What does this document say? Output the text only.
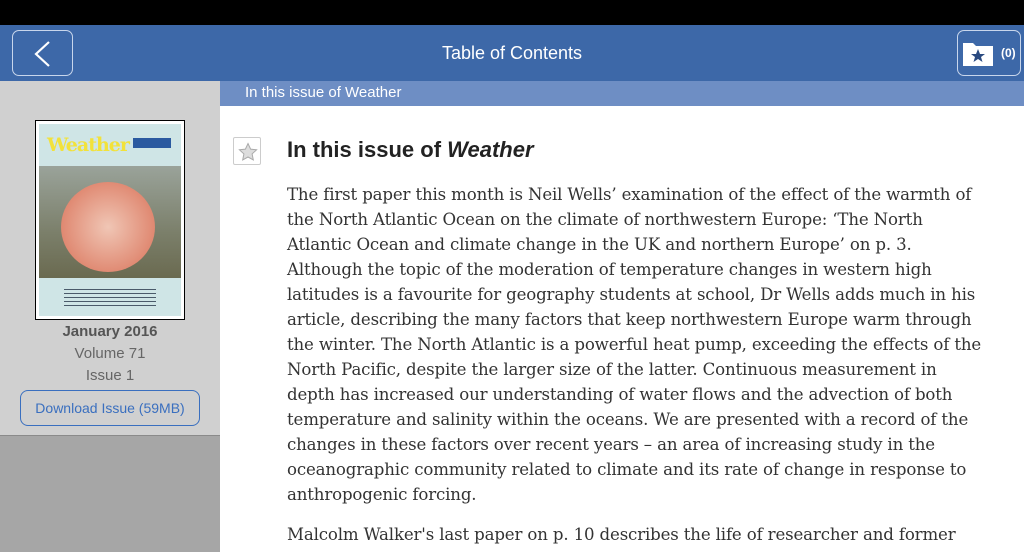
Table of Contents	(0)
Weather
January 2016
Volume 71
Issue 1
Download Issue (59MB)
In this issue of Weather
In this issue of Weather
The first paper this month is Neil Wells’ examination of the effect of the warmth of
the North Atlantic Ocean on the climate of northwestern Europe: ‘The North
Atlantic Ocean and climate change in the UK and northern Europe’ on p. 3.
Although the topic of the moderation of temperature changes in western high
latitudes is a favourite for geography students at school, Dr Wells adds much in his
article, describing the many factors that keep northwestern Europe warm through
the winter. The North Atlantic is a powerful heat pump, exceeding the effects of the
North Pacific, despite the larger size of the latter. Continuous measurement in
depth has increased our understanding of water flows and the advection of both
temperature and salinity within the oceans. We are presented with a record of the
changes in these factors over recent years – an area of increasing study in the
oceanographic community related to climate and its rate of change in response to
anthropogenic forcing.
Malcolm Walker's last paper on p. 10 describes the life of researcher and former
